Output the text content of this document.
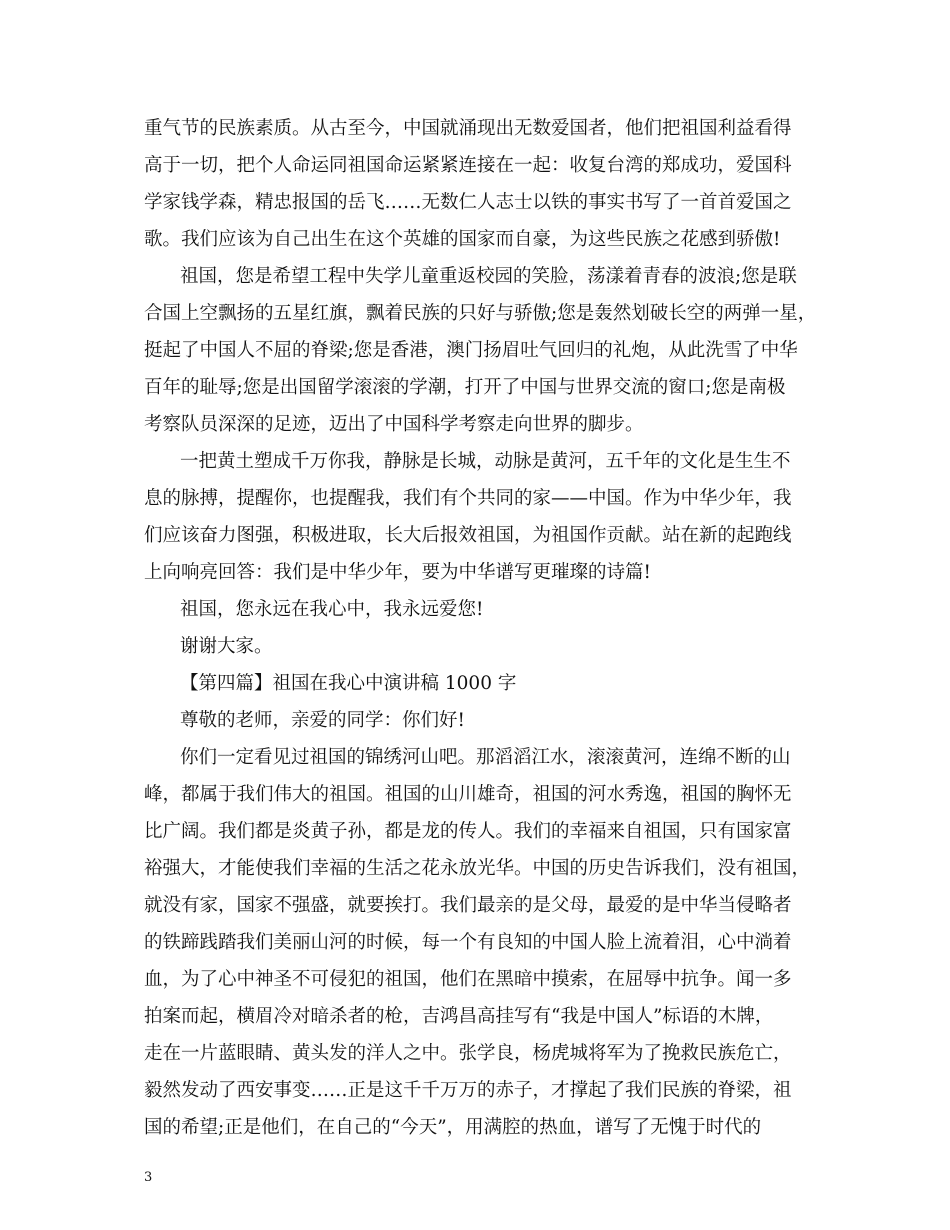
重气节的民族素质。从古至今，中国就涌现出无数爱国者，他们把祖国利益看得
高于一切，把个人命运同祖国命运紧紧连接在一起：收复台湾的郑成功，爱国科
学家钱学森，精忠报国的岳飞……无数仁人志士以铁的事实书写了一首首爱国之
歌。我们应该为自己出生在这个英雄的国家而自豪，为这些民族之花感到骄傲!
祖国，您是希望工程中失学儿童重返校园的笑脸，荡漾着青春的波浪;您是联
合国上空飘扬的五星红旗，飘着民族的只好与骄傲;您是轰然划破长空的两弹一星，
挺起了中国人不屈的脊梁;您是香港，澳门扬眉吐气回归的礼炮，从此洗雪了中华
百年的耻辱;您是出国留学滚滚的学潮，打开了中国与世界交流的窗口;您是南极
考察队员深深的足迹，迈出了中国科学考察走向世界的脚步。
一把黄土塑成千万你我，静脉是长城，动脉是黄河，五千年的文化是生生不
息的脉搏，提醒你，也提醒我，我们有个共同的家——中国。作为中华少年，我
们应该奋力图强，积极进取，长大后报效祖国，为祖国作贡献。站在新的起跑线
上向响亮回答：我们是中华少年，要为中华谱写更璀璨的诗篇!
祖国，您永远在我心中，我永远爱您!
谢谢大家。
【第四篇】祖国在我心中演讲稿 1000 字
尊敬的老师，亲爱的同学：你们好!
你们一定看见过祖国的锦绣河山吧。那滔滔江水，滚滚黄河，连绵不断的山
峰，都属于我们伟大的祖国。祖国的山川雄奇，祖国的河水秀逸，祖国的胸怀无
比广阔。我们都是炎黄子孙，都是龙的传人。我们的幸福来自祖国，只有国家富
裕强大，才能使我们幸福的生活之花永放光华。中国的历史告诉我们，没有祖国，
就没有家，国家不强盛，就要挨打。我们最亲的是父母，最爱的是中华当侵略者
的铁蹄践踏我们美丽山河的时候，每一个有良知的中国人脸上流着泪，心中淌着
血，为了心中神圣不可侵犯的祖国，他们在黑暗中摸索，在屈辱中抗争。闻一多
拍案而起，横眉冷对暗杀者的枪，吉鸿昌高挂写有“我是中国人”标语的木牌，
走在一片蓝眼睛、黄头发的洋人之中。张学良，杨虎城将军为了挽救民族危亡，
毅然发动了西安事变……正是这千千万万的赤子，才撑起了我们民族的脊梁，祖
国的希望;正是他们，在自己的“今天”，用满腔的热血，谱写了无愧于时代的
3
